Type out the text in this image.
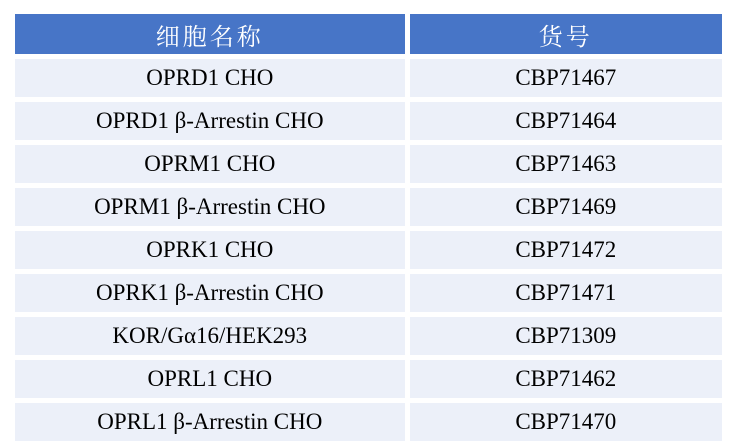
细胞名称	货号
OPRD1 CHO	CBP71467
OPRD1 β-Arrestin CHO	CBP71464
OPRM1 CHO	CBP71463
OPRM1 β-Arrestin CHO	CBP71469
OPRK1 CHO	CBP71472
OPRK1 β-Arrestin CHO	CBP71471
KOR/Gα16/HEK293	CBP71309
OPRL1 CHO	CBP71462
OPRL1 β-Arrestin CHO	CBP71470
